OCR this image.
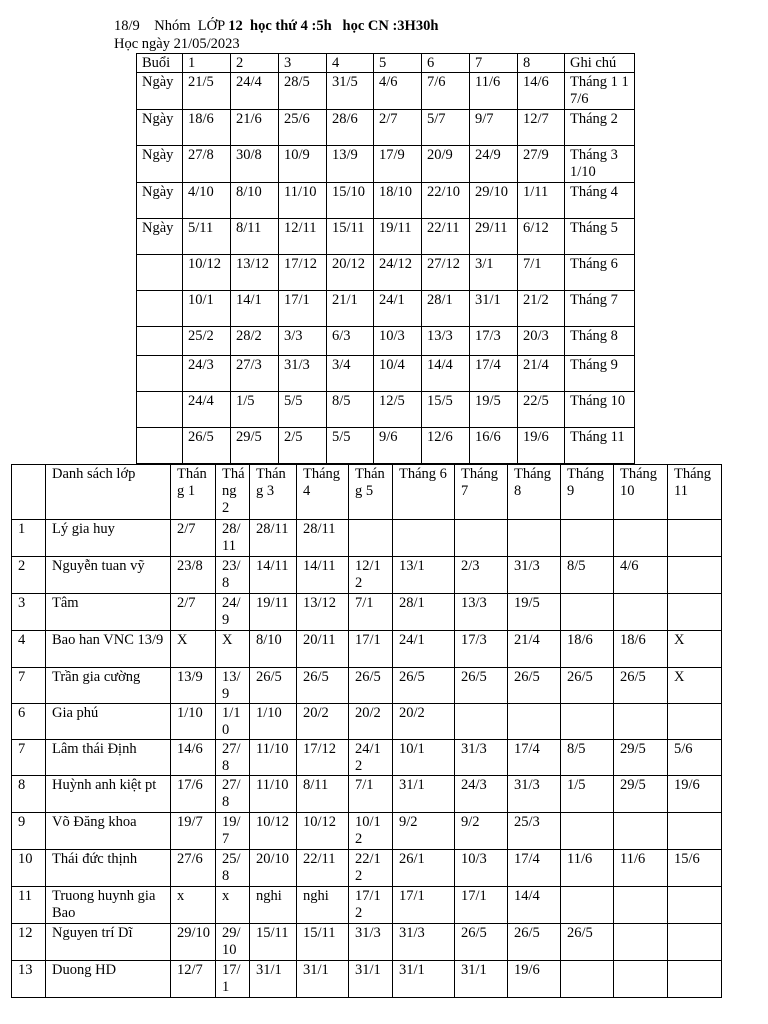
18/9    Nhóm  LỚP 12 học thứ 4 :5h học CN :3H30h
Học ngày 21/05/2023
Buổi	1	2	3	4	5	6	7	8	Ghi chú
Ngày	21/5	24/4	28/5	31/5	4/6	7/6	11/6	14/6	Tháng 1 17/6
Ngày	18/6	21/6	25/6	28/6	2/7	5/7	9/7	12/7	Tháng 2
Ngày	27/8	30/8	10/9	13/9	17/9	20/9	24/9	27/9	Tháng 3 1/10
Ngày	4/10	8/10	11/10	15/10	18/10	22/10	29/10	1/11	Tháng 4
Ngày	5/11	8/11	12/11	15/11	19/11	22/11	29/11	6/12	Tháng 5
	10/12	13/12	17/12	20/12	24/12	27/12	3/1	7/1	Tháng 6
	10/1	14/1	17/1	21/1	24/1	28/1	31/1	21/2	Tháng 7
	25/2	28/2	3/3	6/3	10/3	13/3	17/3	20/3	Tháng 8
	24/3	27/3	31/3	3/4	10/4	14/4	17/4	21/4	Tháng 9
	24/4	1/5	5/5	8/5	12/5	15/5	19/5	22/5	Tháng 10
	26/5	29/5	2/5	5/5	9/6	12/6	16/6	19/6	Tháng 11
	Danh sách lớp	Tháng 1	Tháng 2	Tháng 3	Tháng 4	Tháng 5	Tháng 6	Tháng 7	Tháng 8	Tháng 9	Tháng 10	Tháng 11
1	Lý gia huy	2/7	28/11	28/11	28/11							
2	Nguyễn tuan vỹ	23/8	23/8	14/11	14/11	12/12	13/1	2/3	31/3	8/5	4/6	
3	Tâm	2/7	24/9	19/11	13/12	7/1	28/1	13/3	19/5			
4	Bao han VNC 13/9	X	X	8/10	20/11	17/1	24/1	17/3	21/4	18/6	18/6	X
7	Trần gia cường	13/9	13/9	26/5	26/5	26/5	26/5	26/5	26/5	26/5	26/5	X
6	Gia phú	1/10	1/10	1/10	20/2	20/2	20/2					
7	Lâm thái Định	14/6	27/8	11/10	17/12	24/12	10/1	31/3	17/4	8/5	29/5	5/6
8	Huỳnh anh kiệt pt	17/6	27/8	11/10	8/11	7/1	31/1	24/3	31/3	1/5	29/5	19/6
9	Võ Đăng khoa	19/7	19/7	10/12	10/12	10/12	9/2	9/2	25/3			
10	Thái đức thịnh	27/6	25/8	20/10	22/11	22/12	26/1	10/3	17/4	11/6	11/6	15/6
11	Truong huynh gia Bao	x	x	nghi	nghi	17/12	17/1	17/1	14/4			
12	Nguyen trí Dĩ	29/10	29/10	15/11	15/11	31/3	31/3	26/5	26/5	26/5		
13	Duong HD	12/7	17/1	31/1	31/1	31/1	31/1	31/1	19/6			
